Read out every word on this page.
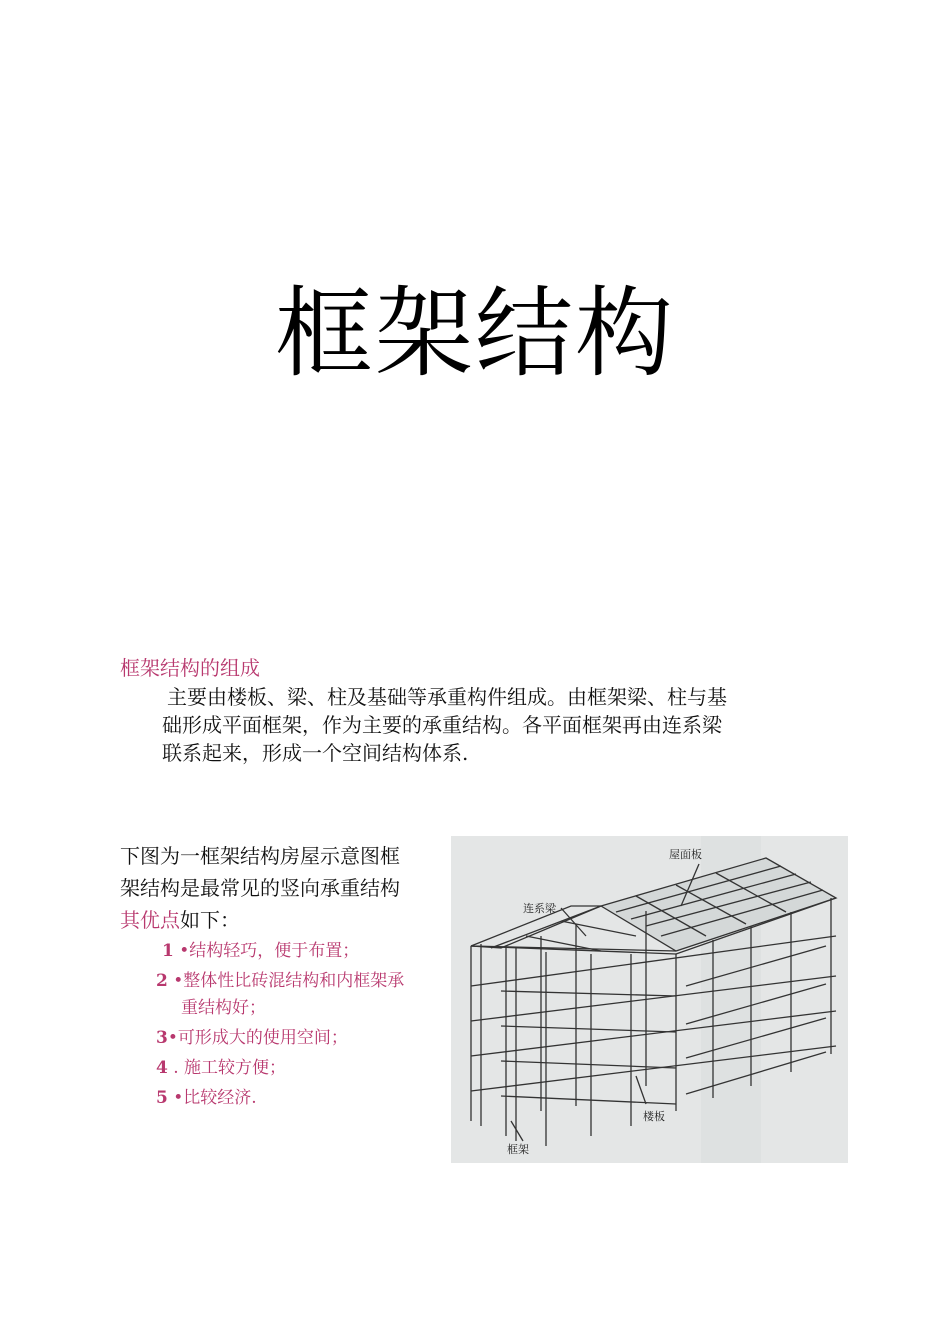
框架结构
框架结构的组成
主要由楼板、梁、柱及基础等承重构件组成。由框架梁、柱与基
础形成平面框架，作为主要的承重结构。各平面框架再由连系梁
联系起来，形成一个空间结构体系.
下图为一框架结构房屋示意图框
架结构是最常见的竖向承重结构
其优点如下：
1 •结构轻巧，便于布置；
2 •整体性比砖混结构和内框架承
重结构好；
3•可形成大的使用空间；
4 . 施工较方便；
5 •比较经济.
屋面板
连系梁
楼板
框架
